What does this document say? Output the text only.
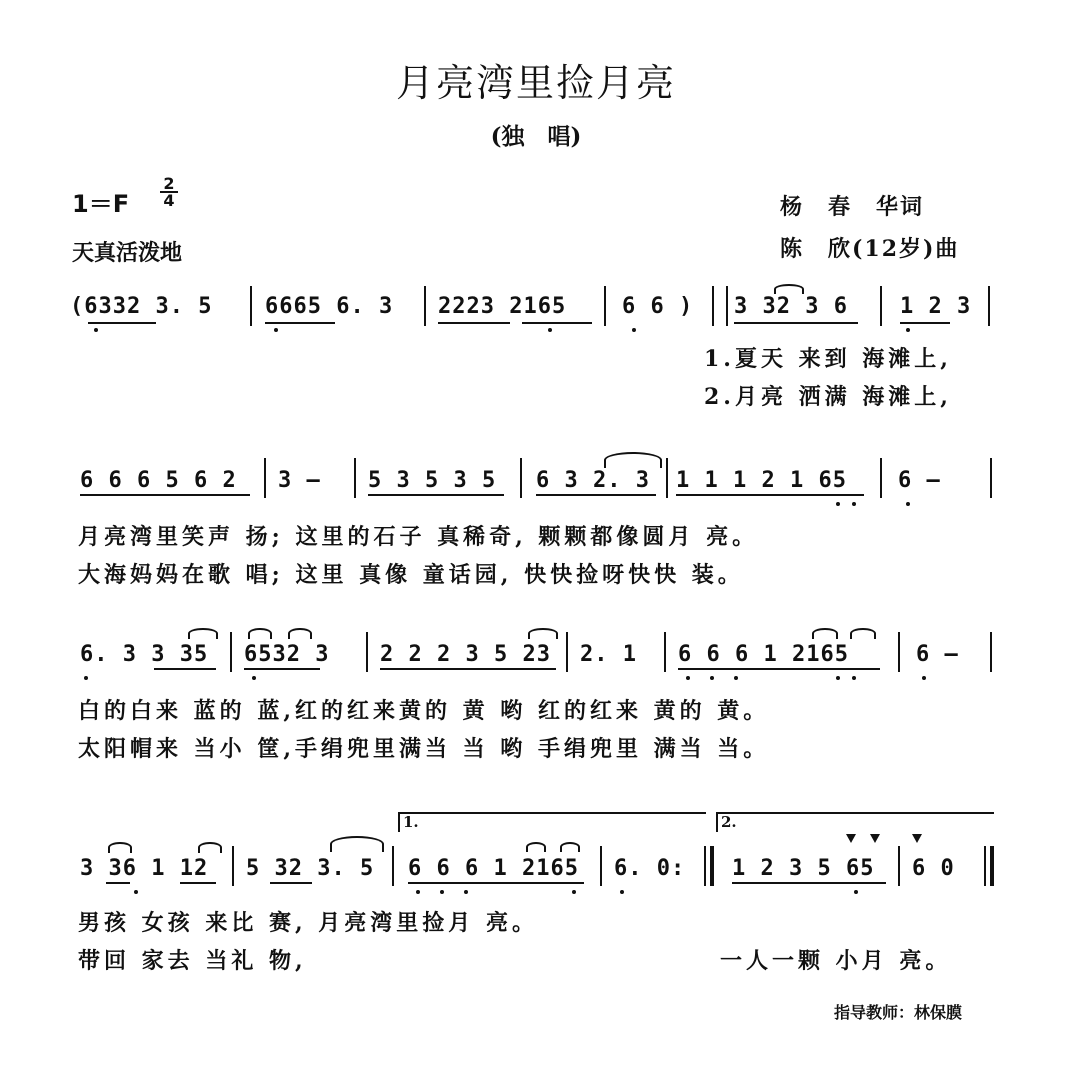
月亮湾里捡月亮
(独　唱)
1＝F
2
4
天真活泼地
杨　春　华词
陈　欣(12岁)曲
(6332 3. 5 6665 6. 3 2223 2165	6 6 ) 3 32 3 6 1 2 3
1.夏天 来到 海滩上,
2.月亮 洒满 海滩上,
6 6 6 5 6 2 3 – 5 3 5 3 5 6 3 2. 3 1 1 1 2 1 65 6 –
月亮湾里笑声 扬; 这里的石子 真稀奇, 颗颗都像圆月 亮。
大海妈妈在歌 唱; 这里 真像 童话园, 快快捡呀快快 装。
6. 3 3 35 6532 3 2 2 2 3 5 23 2. 1 6 6 6 1 2165	6 –
白的白来 蓝的 蓝,红的红来黄的 黄 哟 红的红来 黄的 黄。
太阳帽来 当小 筐,手绢兜里满当 当 哟 手绢兜里 满当 当。
1.	2.
3 36 1 12 5 32 3. 5 6 6 6 1 2165 6. 0: 1 2 3 5 65 6 0
男孩 女孩 来比 赛, 月亮湾里捡月 亮。
带回 家去 当礼 物,	一人一颗 小月 亮。
指导教师：林保膜
